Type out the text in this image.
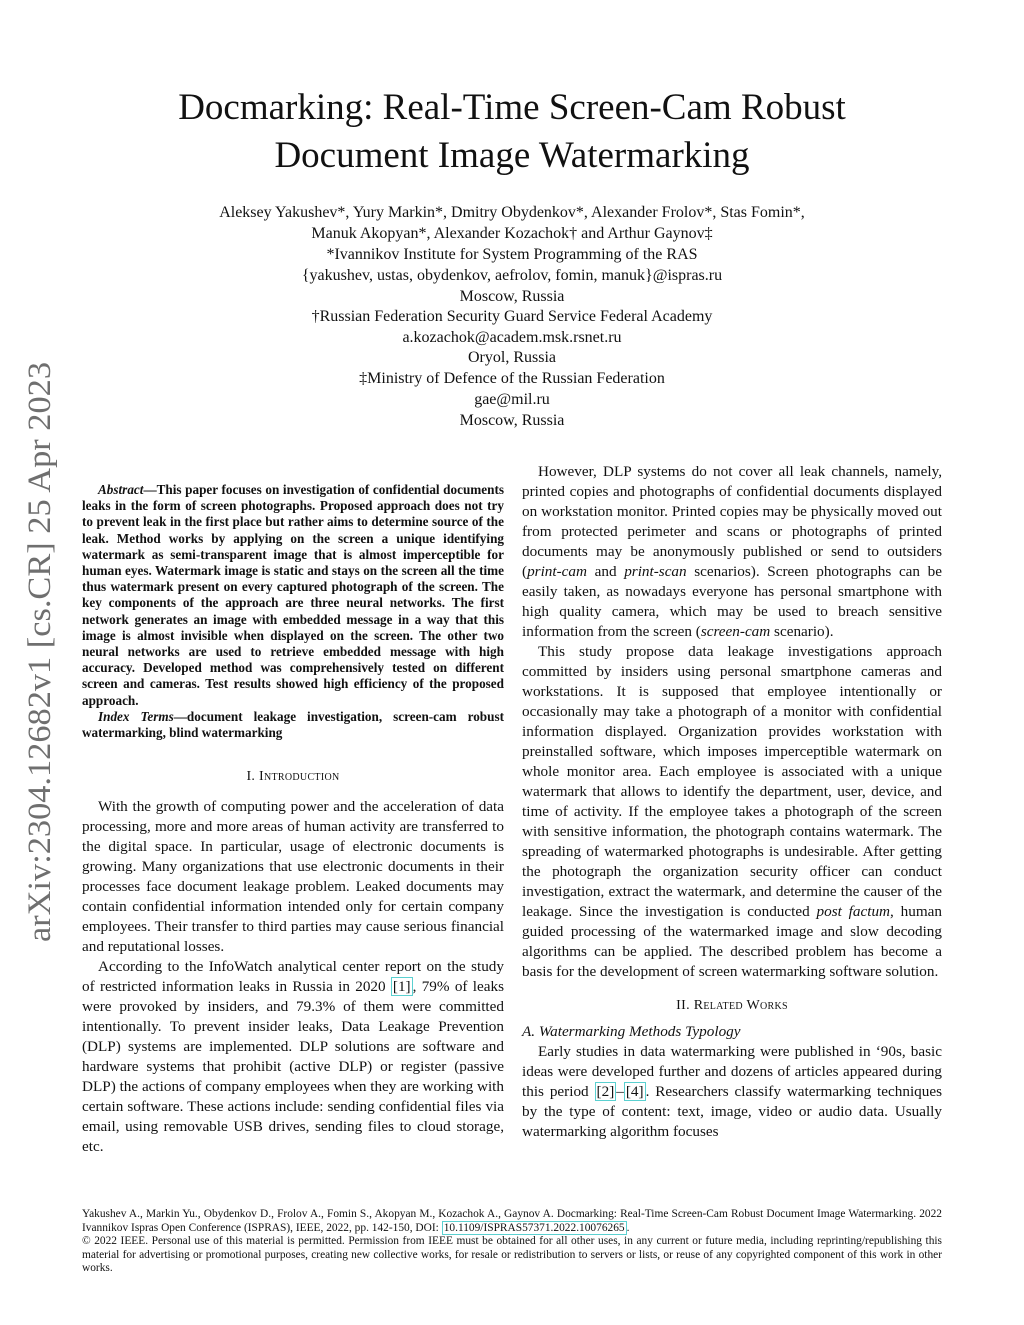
arXiv:2304.12682v1 [cs.CR] 25 Apr 2023
Docmarking: Real-Time Screen-Cam Robust
Document Image Watermarking
Aleksey Yakushev*, Yury Markin*, Dmitry Obydenkov*, Alexander Frolov*, Stas Fomin*,
Manuk Akopyan*, Alexander Kozachok† and Arthur Gaynov‡
*Ivannikov Institute for System Programming of the RAS
{yakushev, ustas, obydenkov, aefrolov, fomin, manuk}@ispras.ru
Moscow, Russia
†Russian Federation Security Guard Service Federal Academy
a.kozachok@academ.msk.rsnet.ru
Oryol, Russia
‡Ministry of Defence of the Russian Federation
gae@mil.ru
Moscow, Russia

Abstract—This paper focuses on investigation of confidential documents leaks in the form of screen photographs. Proposed approach does not try to prevent leak in the first place but rather aims to determine source of the leak. Method works by applying on the screen a unique identifying watermark as semi-transparent image that is almost imperceptible for human eyes. Watermark image is static and stays on the screen all the time thus watermark present on every captured photograph of the screen. The key components of the approach are three neural networks. The first network generates an image with embedded message in a way that this image is almost invisible when displayed on the screen. The other two neural networks are used to retrieve embedded message with high accuracy. Developed method was comprehensively tested on different screen and cameras. Test results showed high efficiency of the proposed approach.

Index Terms—document leakage investigation, screen-cam robust watermarking, blind watermarking

I. Introduction

With the growth of computing power and the acceleration of data processing, more and more areas of human activity are transferred to the digital space. In particular, usage of electronic documents is growing. Many organizations that use electronic documents in their processes face document leakage problem. Leaked documents may contain confidential information intended only for certain company employees. Their transfer to third parties may cause serious financial and reputational losses.

According to the InfoWatch analytical center report on the study of restricted information leaks in Russia in 2020 [1] , 79% of leaks were provoked by insiders, and 79.3% of them were committed intentionally. To prevent insider leaks, Data Leakage Prevention (DLP) systems are implemented. DLP solutions are software and hardware systems that prohibit (active DLP) or register (passive DLP) the actions of company employees when they are working with certain software. These actions include: sending confidential files via email, using removable USB drives, sending files to cloud storage, etc.

However, DLP systems do not cover all leak channels, namely, printed copies and photographs of confidential documents displayed on workstation monitor. Printed copies may be physically moved out from protected perimeter and scans or photographs of printed documents may be anonymously published or send to outsiders (print-cam and print-scan scenarios). Screen photographs can be easily taken, as nowadays everyone has personal smartphone with high quality camera, which may be used to breach sensitive information from the screen (screen-cam scenario).

This study propose data leakage investigations approach committed by insiders using personal smartphone cameras and workstations. It is supposed that employee intentionally or occasionally may take a photograph of a monitor with confidential information displayed. Organization provides workstation with preinstalled software, which imposes imperceptible watermark on whole monitor area. Each employee is associated with a unique watermark that allows to identify the department, user, device, and time of activity. If the employee takes a photograph of the screen with sensitive information, the photograph contains watermark. The spreading of watermarked photographs is undesirable. After getting the photograph the organization security officer can conduct investigation, extract the watermark, and determine the causer of the leakage. Since the investigation is conducted post factum, human guided processing of the watermarked image and slow decoding algorithms can be applied. The described problem has become a basis for the development of screen watermarking software solution.

II. Related Works

A. Watermarking Methods Typology

Early studies in data watermarking were published in ‘90s, basic ideas were developed further and dozens of articles appeared during this period [2] – [4] . Researchers classify watermarking techniques by the type of content: text, image, video or audio data. Usually watermarking algorithm focuses

Yakushev A., Markin Yu., Obydenkov D., Frolov A., Fomin S., Akopyan M., Kozachok A., Gaynov A. Docmarking: Real-Time Screen-Cam Robust Document Image Watermarking. 2022 Ivannikov Ispras Open Conference (ISPRAS), IEEE, 2022, pp. 142-150, DOI: 10.1109/ISPRAS57371.2022.10076265 .

© 2022 IEEE. Personal use of this material is permitted. Permission from IEEE must be obtained for all other uses, in any current or future media, including reprinting/republishing this material for advertising or promotional purposes, creating new collective works, for resale or redistribution to servers or lists, or reuse of any copyrighted component of this work in other works.
